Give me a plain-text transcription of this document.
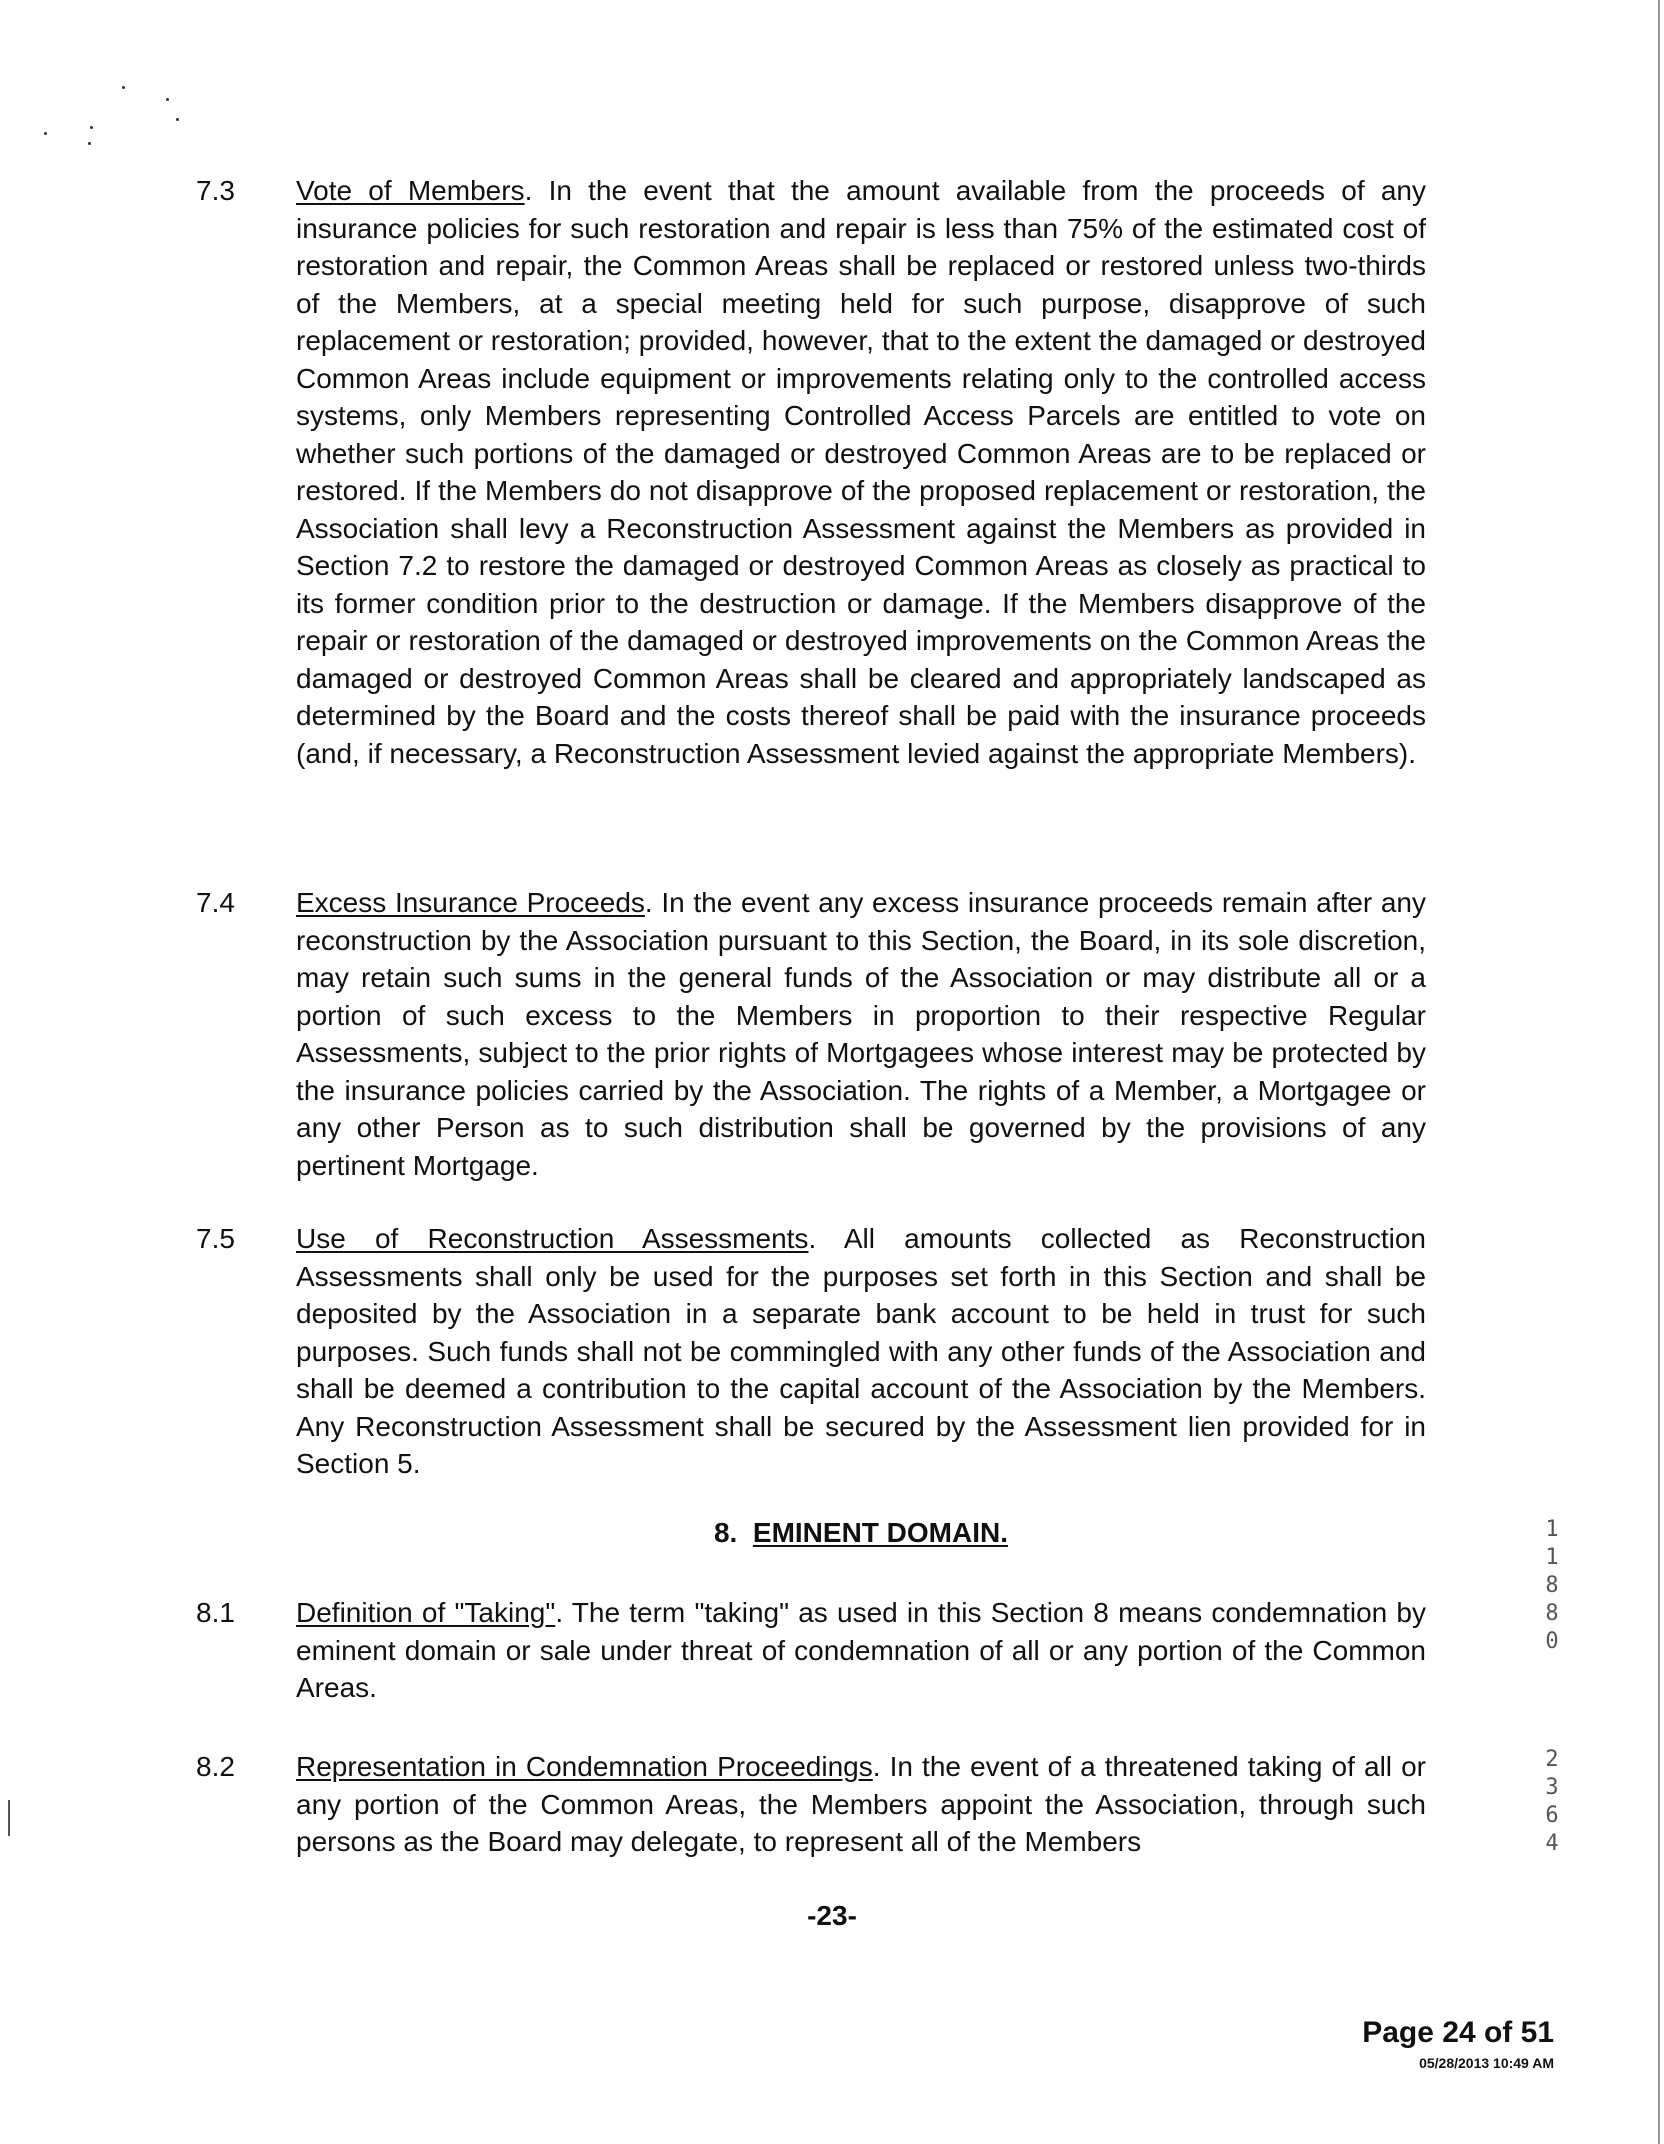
7.3	Vote of Members. In the event that the amount available from the proceeds of any insurance policies for such restoration and repair is less than 75% of the estimated cost of restoration and repair, the Common Areas shall be replaced or restored unless two-thirds of the Members, at a special meeting held for such purpose, disapprove of such replacement or restoration; provided, however, that to the extent the damaged or destroyed Common Areas include equipment or improvements relating only to the controlled access systems, only Members representing Controlled Access Parcels are entitled to vote on whether such portions of the damaged or destroyed Common Areas are to be replaced or restored. If the Members do not disapprove of the proposed replacement or restoration, the Association shall levy a Reconstruction Assessment against the Members as provided in Section 7.2 to restore the damaged or destroyed Common Areas as closely as practical to its former condition prior to the destruction or damage. If the Members disapprove of the repair or restoration of the damaged or destroyed improvements on the Common Areas the damaged or destroyed Common Areas shall be cleared and appropriately landscaped as determined by the Board and the costs thereof shall be paid with the insurance proceeds (and, if necessary, a Reconstruction Assessment levied against the appropriate Members).
7.4	Excess Insurance Proceeds. In the event any excess insurance proceeds remain after any reconstruction by the Association pursuant to this Section, the Board, in its sole discretion, may retain such sums in the general funds of the Association or may distribute all or a portion of such excess to the Members in proportion to their respective Regular Assessments, subject to the prior rights of Mortgagees whose interest may be protected by the insurance policies carried by the Association. The rights of a Member, a Mortgagee or any other Person as to such distribution shall be governed by the provisions of any pertinent Mortgage.
7.5	Use of Reconstruction Assessments. All amounts collected as Reconstruction Assessments shall only be used for the purposes set forth in this Section and shall be deposited by the Association in a separate bank account to be held in trust for such purposes. Such funds shall not be commingled with any other funds of the Association and shall be deemed a contribution to the capital account of the Association by the Members. Any Reconstruction Assessment shall be secured by the Assessment lien provided for in Section 5.
8. EMINENT DOMAIN.
8.1	Definition of "Taking". The term "taking" as used in this Section 8 means condemnation by eminent domain or sale under threat of condemnation of all or any portion of the Common Areas.
8.2	Representation in Condemnation Proceedings. In the event of a threatened taking of all or any portion of the Common Areas, the Members appoint the Association, through such persons as the Board may delegate, to represent all of the Members
-23-
1
1
8
8
0
2
3
6
4
Page 24 of 51
05/28/2013 10:49 AM
